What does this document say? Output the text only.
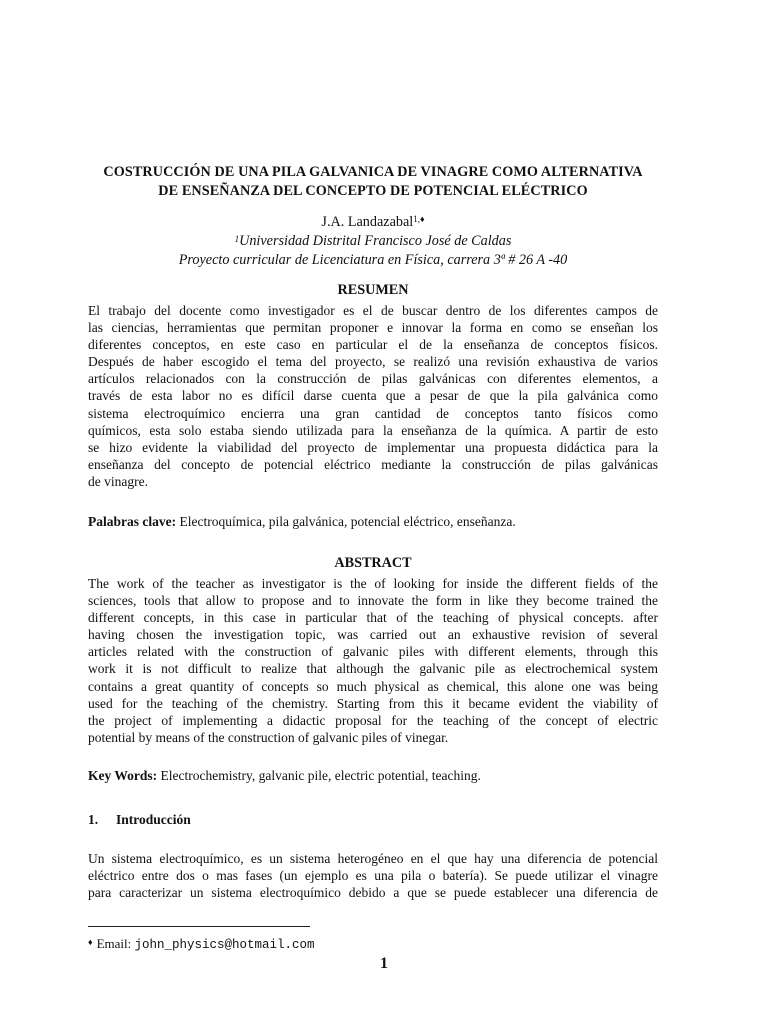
COSTRUCCIÓN DE UNA PILA GALVANICA DE VINAGRE COMO ALTERNATIVA
DE ENSEÑANZA DEL CONCEPTO DE POTENCIAL ELÉCTRICO
J.A. Landazabal$^{1,♦}$
$^1$Universidad Distrital Francisco José de Caldas
Proyecto curricular de Licenciatura en Física, carrera 3ª # 26 A -40
RESUMEN
El trabajo del docente como investigador es el de buscar dentro de los diferentes campos de
las ciencias, herramientas que permitan proponer e innovar la forma en como se enseñan los
diferentes conceptos, en este caso en particular el de la enseñanza de conceptos físicos.
Después de haber escogido el tema del proyecto, se realizó una revisión exhaustiva de varios
artículos relacionados con la construcción de pilas galvánicas con diferentes elementos, a
través de esta labor no es difícil darse cuenta que a pesar de que la pila galvánica como
sistema electroquímico encierra una gran cantidad de conceptos tanto físicos como
químicos, esta solo estaba siendo utilizada para la enseñanza de la química. A partir de esto
se hizo evidente la viabilidad del proyecto de implementar una propuesta didáctica para la
enseñanza del concepto de potencial eléctrico mediante la construcción de pilas galvánicas
de vinagre.
Palabras clave: Electroquímica, pila galvánica, potencial eléctrico, enseñanza.
ABSTRACT
The work of the teacher as investigator is the of looking for inside the different fields of the
sciences, tools that allow to propose and to innovate the form in like they become trained the
different concepts, in this case in particular that of the teaching of physical concepts. after
having chosen the investigation topic, was carried out an exhaustive revision of several
articles related with the construction of galvanic piles with different elements, through this
work it is not difficult to realize that although the galvanic pile as electrochemical system
contains a great quantity of concepts so much physical as chemical, this alone one was being
used for the teaching of the chemistry. Starting from this it became evident the viability of
the project of implementing a didactic proposal for the teaching of the concept of electric
potential by means of the construction of galvanic piles of vinegar.
Key Words: Electrochemistry, galvanic pile, electric potential, teaching.
1. Introducción
Un sistema electroquímico, es un sistema heterogéneo en el que hay una diferencia de potencial
eléctrico entre dos o mas fases (un ejemplo es una pila o batería). Se puede utilizar el vinagre
para caracterizar un sistema electroquímico debido a que se puede establecer una diferencia de
♦ Email: john_physics@hotmail.com
1
